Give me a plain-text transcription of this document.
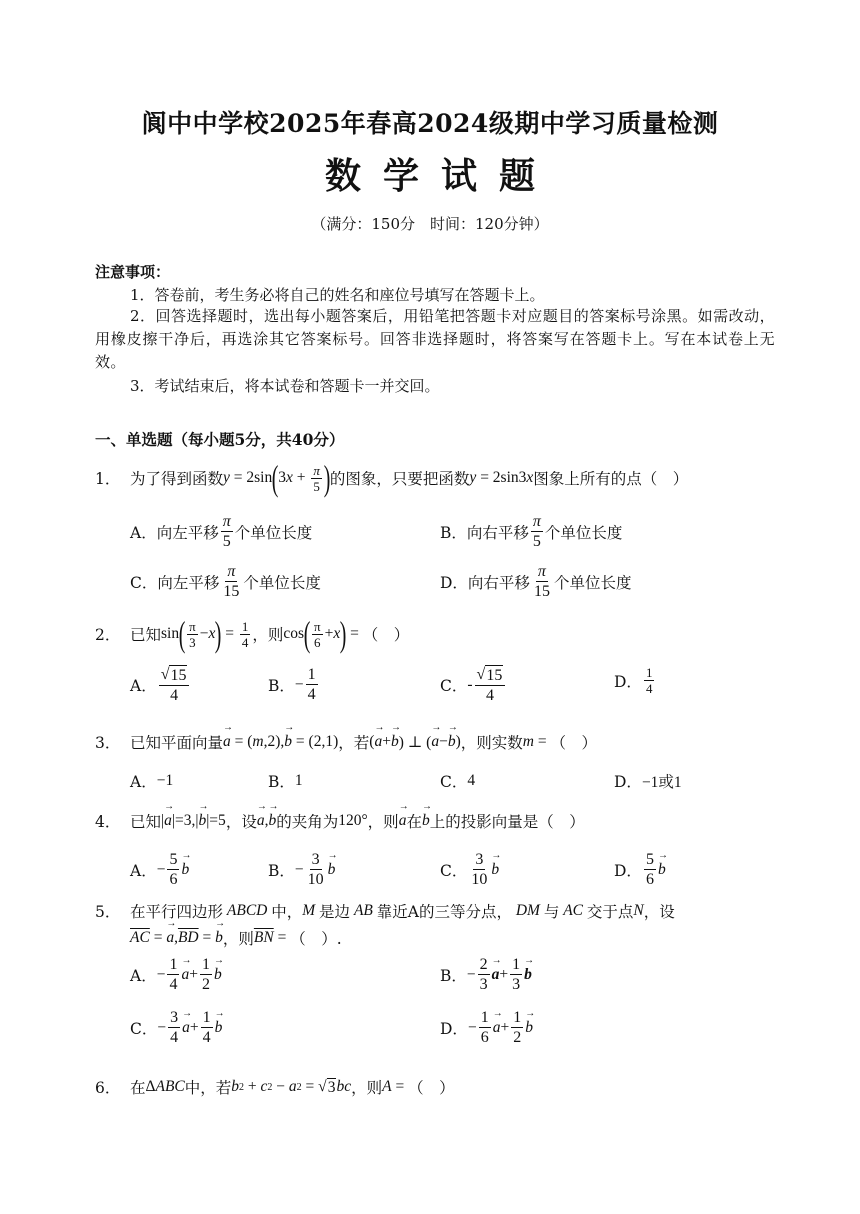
阆中中学校2025年春高2024级期中学习质量检测
数学试题
（满分：150分　时间：120分钟）
注意事项：
1．答卷前，考生务必将自己的姓名和座位号填写在答题卡上。
2．回答选择题时，选出每小题答案后，用铅笔把答题卡对应题目的答案标号涂黑。如需改动，用橡皮擦干净后，再选涂其它答案标号。回答非选择题时，将答案写在答题卡上。写在本试卷上无效。
3．考试结束后，将本试卷和答题卡一并交回。
一、单选题（每小题5分，共40分）
1． 为了得到函数 y = 2sin ( 3 $x + \frac{\pi}{5}$ ) 的图象，只要把函数 y = 2sin3 x 图象上所有的点（　）
A．向左平移 $\frac{\pi}{5}$ 个单位长度	B．向右平移 $\frac{\pi}{5}$ 个单位长度
C．向左平移 $\frac{\pi}{15}$ 个单位长度	D．向右平移 $\frac{\pi}{15}$ 个单位长度
2． 已知 sin ( $\frac{\pi}{3} - x$ ) = $\frac{1}{4}$ ，则 cos ( $\frac{\pi}{6} + x$ ) = （　）
A． $\frac{√ 15}{4}$	B． − $\frac{1}{4}$	C． - $\frac{√ 15}{4}$	D． $\frac{1}{4}$
3． 已知平面向量 → a = ( m ,2), → b = (2,1) ，若 ( → a + → b ) ⊥ ( → a − → b ) ，则实数 m = （　）
A． −1	B． 1	C． 4	D． −1或1
4． 已知 | → a |=3,| → b |=5 ，设 → a , → b 的夹角为 120° ，则 → a 在 → b 上的投影向量是（　）
A． − $\frac{5}{6} \to b$	B． − $\frac{3}{10} \to b$	C． $\frac{3}{10} \to b$	D． $\frac{5}{6} \to b$
5． 在平行四边形 ABCD 中， M 是边 AB 靠近A的三等分点， DM 与 AC 交于点 N ，设
$\overline{AC}$ = → a , $\overline{BD}$ = → b ，则 $\overline{BN}$ = （　）.
A． − $\frac{1}{4} \to a + \frac{1}{2} \to b$	B． − $\frac{2}{3} \to a + \frac{1}{3} \to b$
C． − $\frac{3}{4} \to a + \frac{1}{4} \to b$	D． − $\frac{1}{6} \to a + \frac{1}{2} \to b$
6． 在 Δ ABC 中，若 b 2 + c 2 − a 2 = √ 3 bc ，则 A = （　）
